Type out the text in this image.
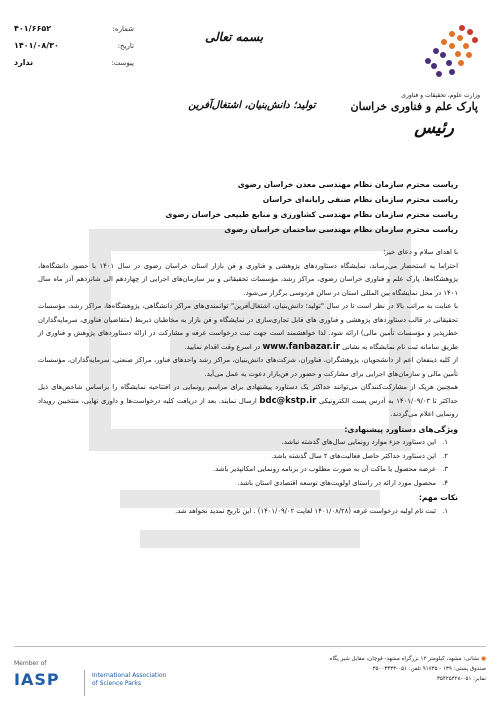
وزارت علوم، تحقیقات و فناوری
پارک علم و فناوری خراسان
رئیس
بسمه تعالی
تولید؛ دانش‌بنیان، اشتغال‌آفرین
۴۰۱/۶۶۵۲	شماره:
۱۴۰۱/۰۸/۳۰	تاریخ:
ندارد	پیوست:
ریاست محترم سازمان نظام مهندسی معدن خراسان رضوی
ریاست محترم سازمان نظام صنفی رایانه‌ای خراسان
ریاست محترم سازمان نظام مهندسی کشاورزی و منابع طبیعی خراسان رضوی
ریاست محترم سازمان نظام مهندسی ساختمان خراسان رضوی

با اهدای سلام و دعای خیر؛

احتراما به استحضار می‌رساند، نمایشگاه دستاوردهای پژوهشی و فناوری و فن بازار استان خراسان رضوی در سال ۱۴۰۱ با حضور دانشگاه‌ها، پژوهشگاه‌ها، پارک علم و فناوری خراسان رضوی، مراکز رشد، مؤسسات تحقیقاتی و نیز سازمان‌های اجرایی از چهاردهم الی شانزدهم آذر ماه سال ۱۴۰۱ در محل نمایشگاه بین المللی استان در سالن فردوسی برگزار می‌شود.

با عنایت به مراتب بالا در نظر است تا در سال "تولید؛ دانش‌بنیان، اشتغال‌آفرین" توانمندی‌های مراکز دانشگاهی، پژوهشگاه‌ها، مراکز رشد، مؤسسات تحقیقاتی در قالب دستاوردهای پژوهشی و فناوری های قابل تجاری‌سازی در نمایشگاه و فن بازار به مخاطبان ذیربط (متقاضیان فناوری، سرمایه‌گذاران خطرپذیر و مؤسسات تأمین مالی) ارائه شود. لذا خواهشمند است جهت ثبت درخواست غرفه و مشارکت در ارائه دستاوردهای پژوهش و فناوری از طریق سامانه ثبت نام نمایشگاه به نشانی www.fanbazar.ir در اسرع وقت اقدام نمایید.

از کلیه ذینفعان اعم از دانشجویان، پژوهشگران، فناوران، شرکت‌های دانش‌بنیان، مراکز رشد واحدهای فناور، مراکز صنعتی، سرمایه‌گذاران، مؤسسات تأمین مالی و سازمان‌های اجرایی برای مشارکت و حضور در فن‌بازار دعوت به عمل می‌آید.

همچنین هریک از مشارکت‌کنندگان می‌توانند حداکثر یک دستاورد پیشنهادی برای مراسم رونمایی در افتتاحیه نمایشگاه را براساس شاخص‌های ذیل حداکثر تا ۱۴۰۱/۰۹/۰۳ به آدرس پست الکترونیکی bdc@kstp.ir ارسال نمایند. بعد از دریافت کلیه درخواست‌ها و داوری نهایی، منتخبین رویداد رونمایی اعلام می‌گردند.

ویژگی‌های دستاورد پیشنهادی:
۱.
این دستاورد جزء موارد رونمایی سال‌های گذشته نباشد.
۲.
این دستاورد حداکثر حاصل فعالیت‌های ۲ سال گذشته باشد.
۳.
عرضه محصول یا ماکت آن به صورت مطلوب در برنامه رونمایی امکانپذیر باشد.
۴.
محصول مورد ارائه در راستای اولویت‌های توسعه اقتصادی استان باشد.
نکات مهم:
۱.
ثبت نام اولیه درخواست غرفه (۱۴۰۱/۰۸/۲۸ لغایت ۱۴۰۱/۰۹/۰۲) . این تاریخ تمدید نخواهد شد.
● نشانی: مشهد، کیلومتر ۱۲ بزرگراه مشهد- قوچان، مقابل شیر پگاه
صندوق پستی: ۱۳۹ - ۹۱۷۳۵ تلفن: ۰۵۱-۳۵۰۰۳۳۳۳
نمابر: ۰۵۱-۳۵۴۲۵۴۲۸
Member of
IASP	International Association
of Science Parks
